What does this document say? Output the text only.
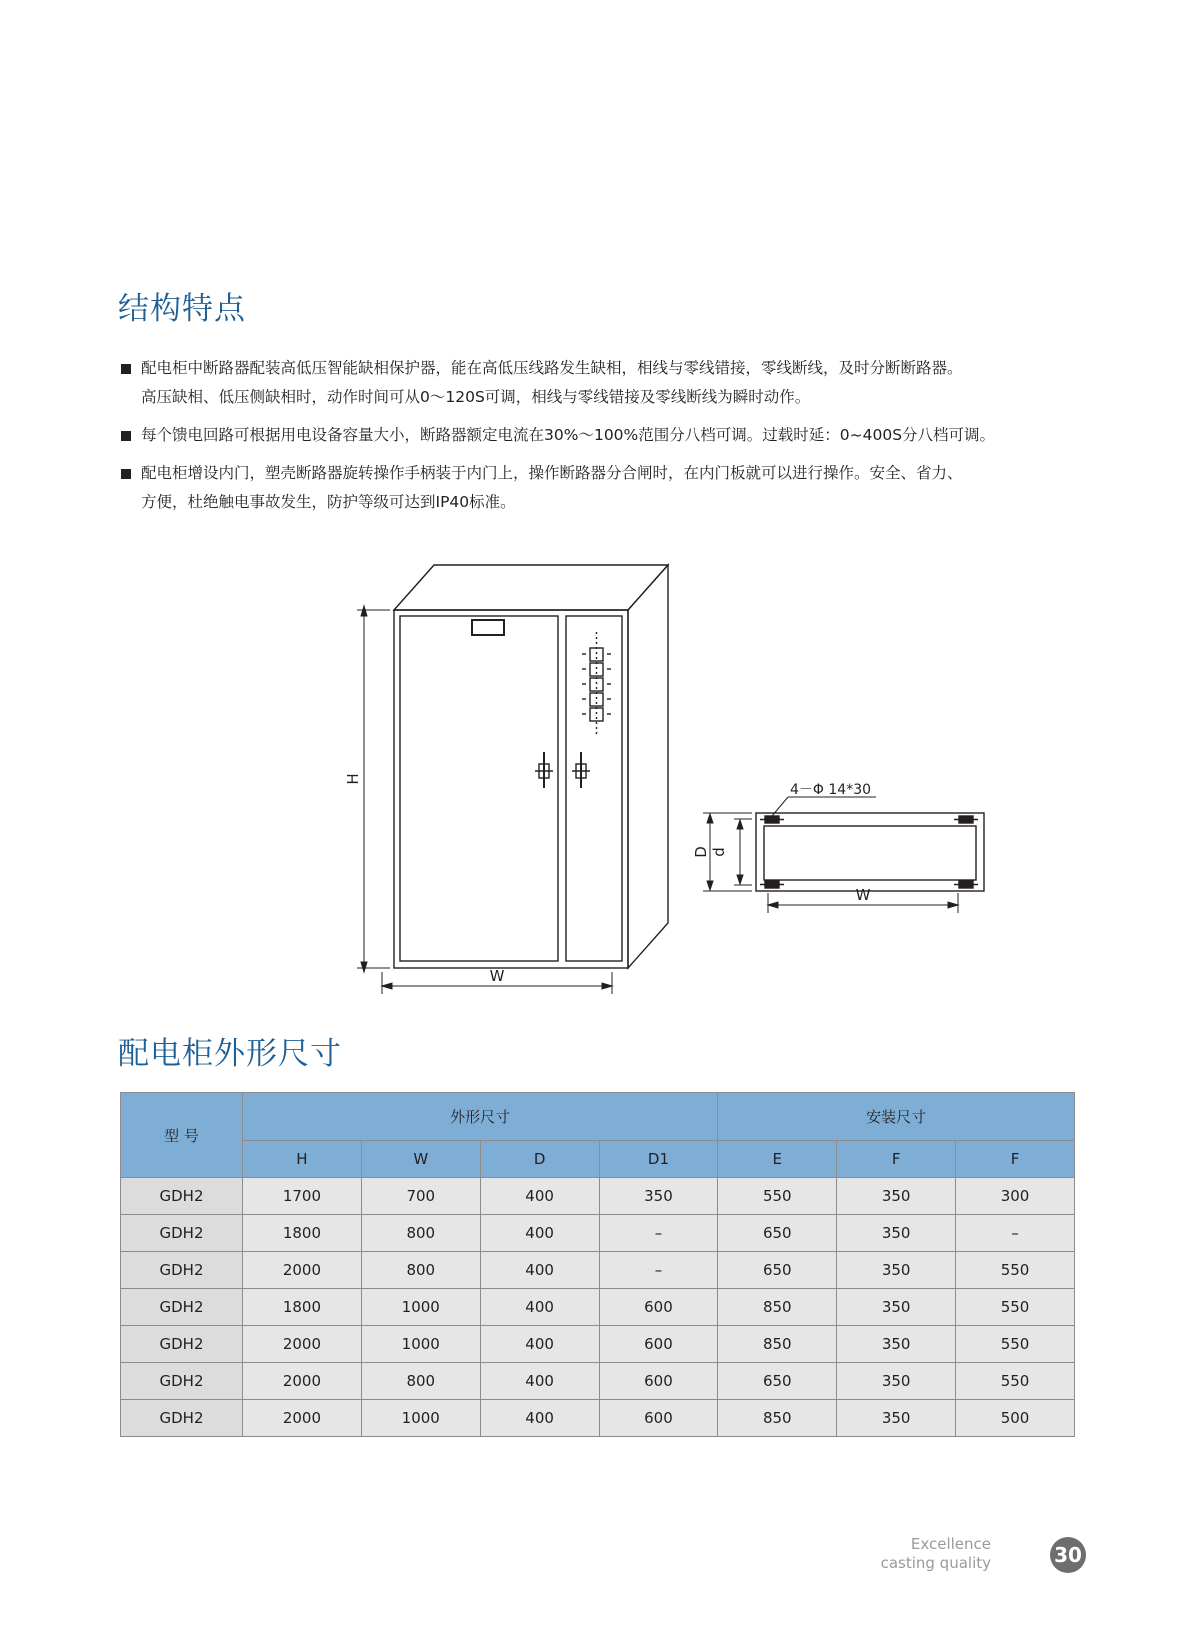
结构特点

配电柜中断路器配装高低压智能缺相保护器，能在高低压线路发生缺相，相线与零线错接，零线断线，及时分断断路器。

高压缺相、低压侧缺相时，动作时间可从0～120S可调，相线与零线错接及零线断线为瞬时动作。

每个馈电回路可根据用电设备容量大小，断路器额定电流在30%～100%范围分八档可调。过载时延：0~400S分八档可调。

配电柜增设内门，塑壳断路器旋转操作手柄装于内门上，操作断路器分合闸时，在内门板就可以进行操作。安全、省力、

方便，杜绝触电事故发生，防护等级可达到IP40标准。

H
W
4－Φ 14*30
D d
W
配电柜外形尺寸
型 号	外形尺寸				安装尺寸		
	H	W	D	D1	E	F	F
GDH2	1700	700	400	350	550	350	300
GDH2	1800	800	400	–	650	350	–
GDH2	2000	800	400	–	650	350	550
GDH2	1800	1000	400	600	850	350	550
GDH2	2000	1000	400	600	850	350	550
GDH2	2000	800	400	600	650	350	550
GDH2	2000	1000	400	600	850	350	500
Excellence
casting quality	30
